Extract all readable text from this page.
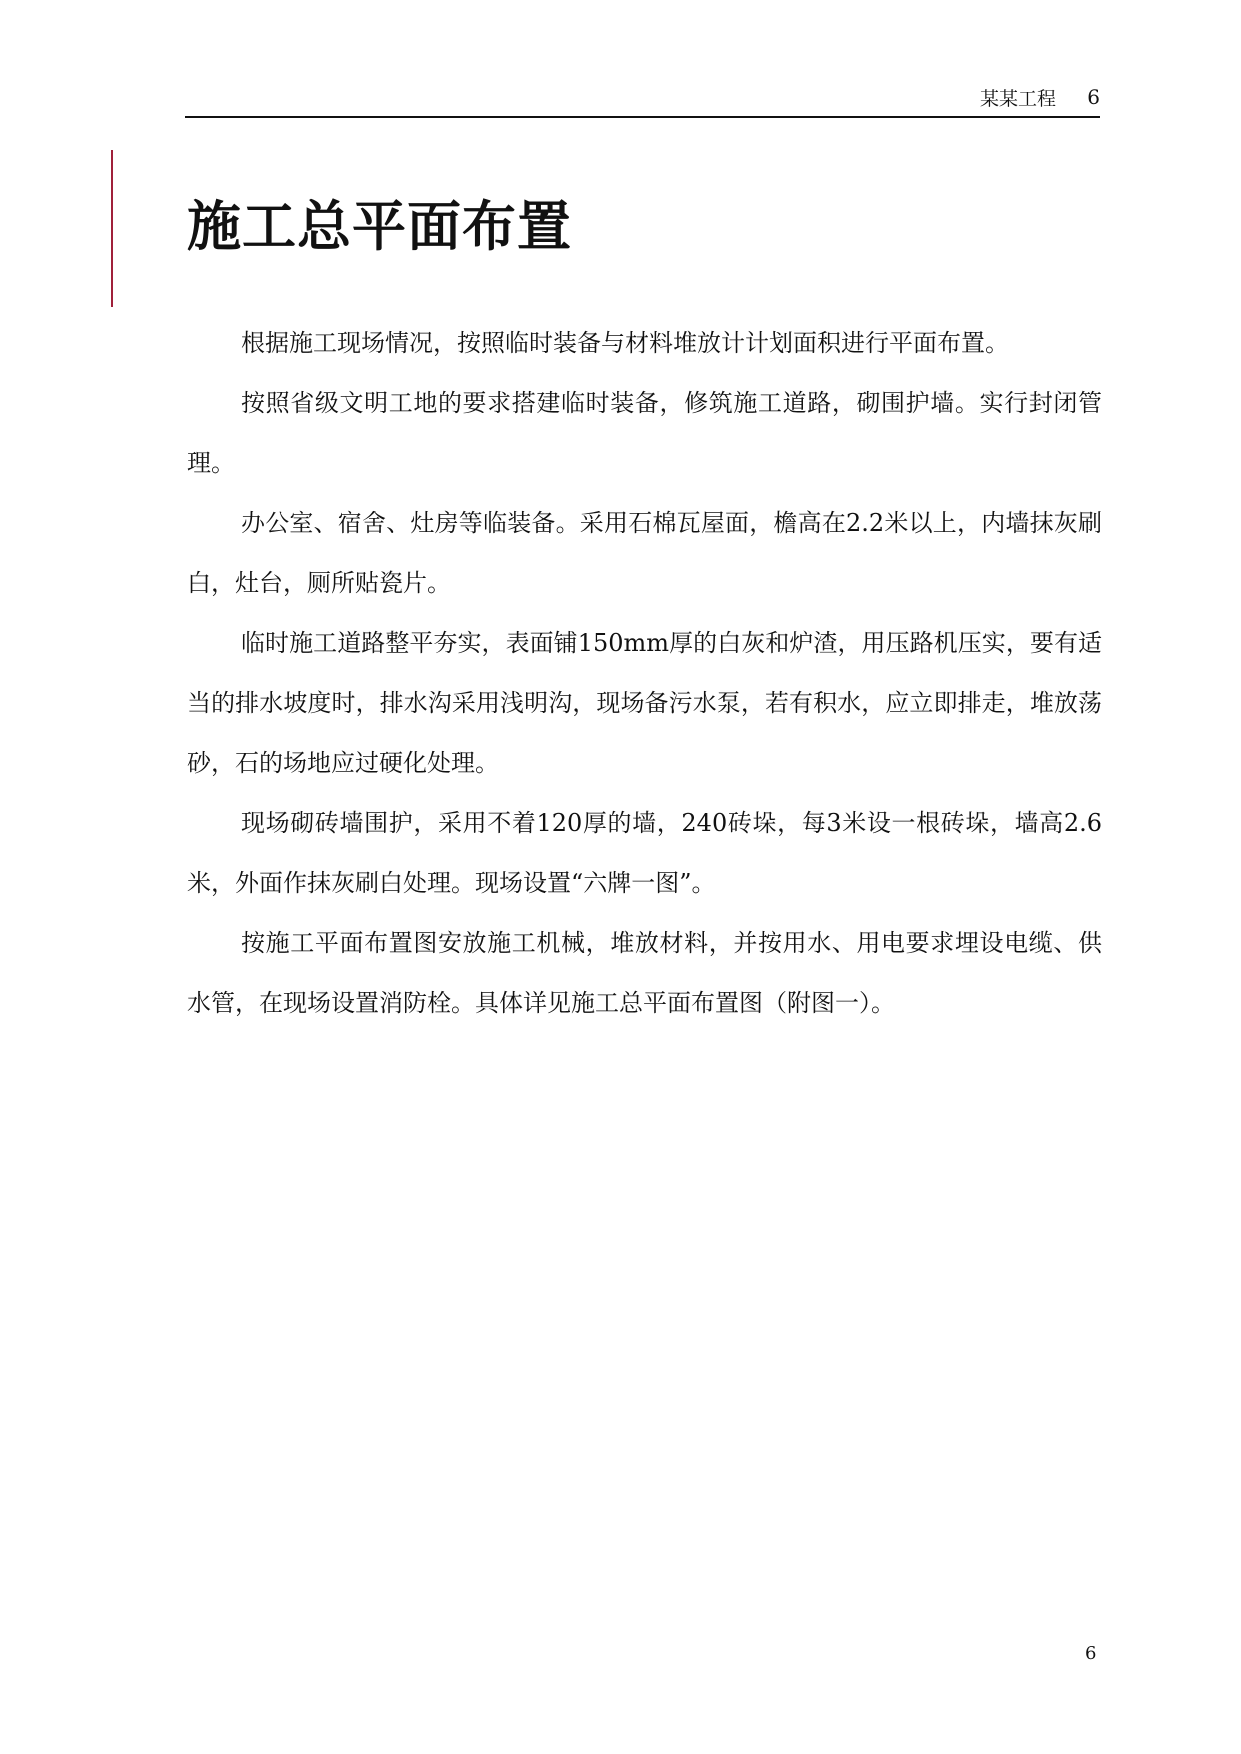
某某工程 6
施工总平面布置

根据施工现场情况，按照临时装备与材料堆放计计划面积进行平面布置。

按照省级文明工地的要求搭建临时装备，修筑施工道路，砌围护墙。实行封闭管理。

办公室、宿舍、灶房等临装备。采用石棉瓦屋面，檐高在2.2米以上，内墙抹灰刷白，灶台，厕所贴瓷片。

临时施工道路整平夯实，表面铺150mm厚的白灰和炉渣，用压路机压实，要有适当的排水坡度时，排水沟采用浅明沟，现场备污水泵，若有积水，应立即排走，堆放荡砂，石的场地应过硬化处理。

现场砌砖墙围护，采用不着120厚的墙，240砖垛，每3米设一根砖垛，墙高2.6米，外面作抹灰刷白处理。现场设置“六牌一图”。

按施工平面布置图安放施工机械，堆放材料，并按用水、用电要求埋设电缆、供水管，在现场设置消防栓。具体详见施工总平面布置图（附图一）。

6
